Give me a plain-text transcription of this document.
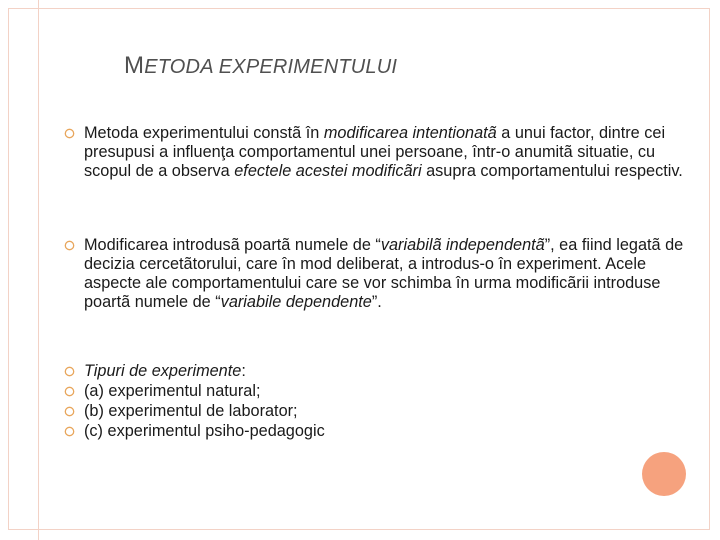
METODA EXPERIMENTULUI
Metoda experimentului constã în modificarea intentionatã a unui factor, dintre cei presupusi a influenţa comportamentul unei persoane, într-o anumitã situatie, cu scopul de a observa efectele acestei modificãri asupra comportamentului respectiv.
Modificarea introdusã poartã numele de “variabilã independentã”, ea fiind legatã de decizia cercetãtorului, care în mod deliberat, a introdus-o în experiment. Acele aspecte ale comportamentului care se vor schimba în urma modificãrii introduse poartã numele de “variabile dependente”.
Tipuri de experimente:
(a) experimentul natural;
(b) experimentul de laborator;
(c) experimentul psiho-pedagogic
